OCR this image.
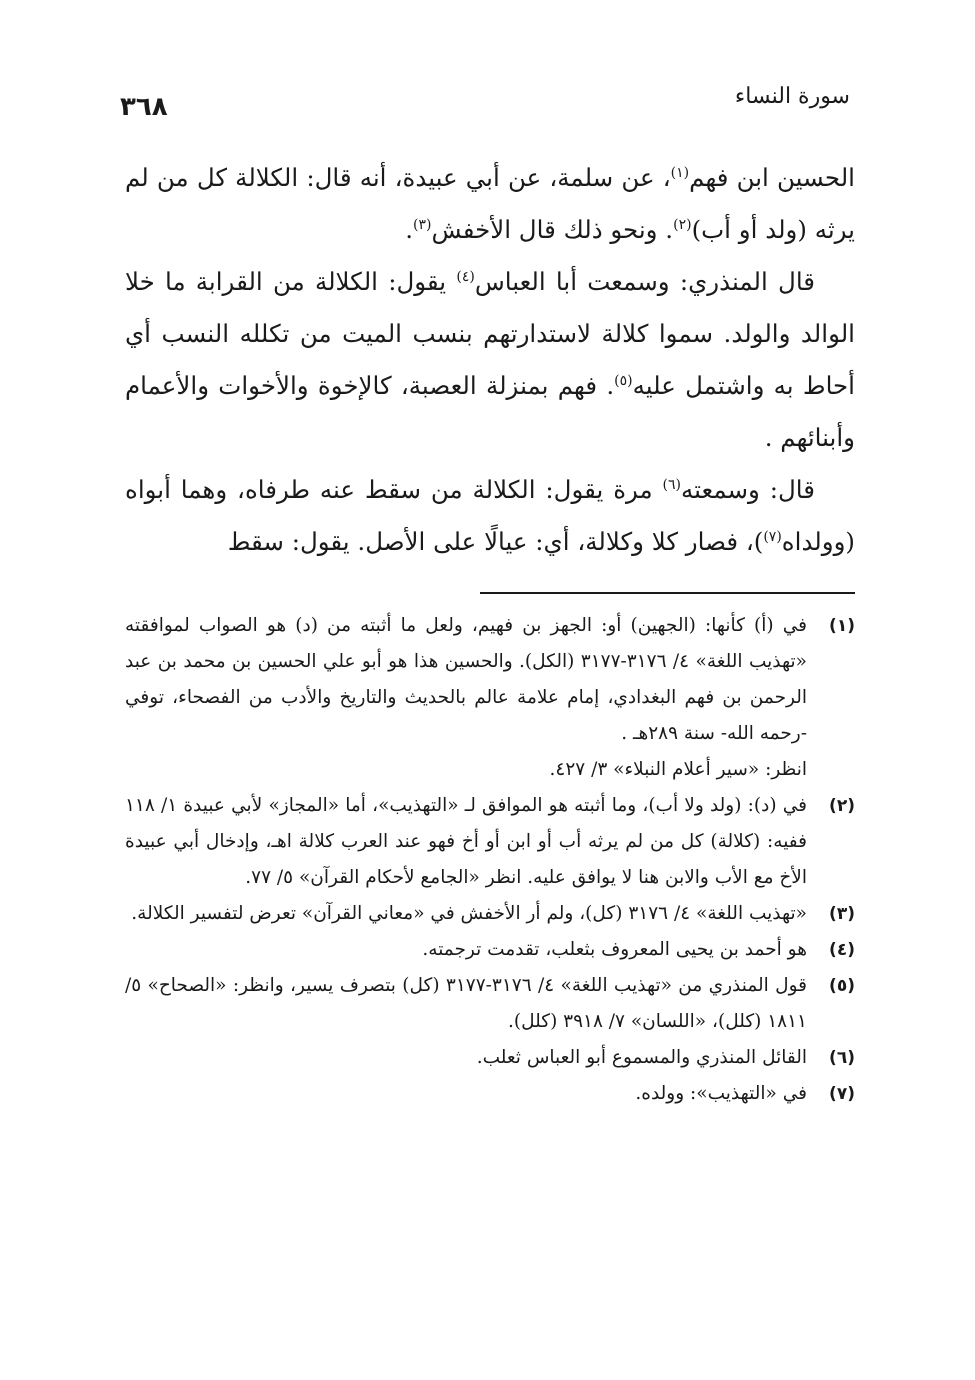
٣٦٨	سورة النساء

الحسين ابن فهم$^{(١)}$، عن سلمة، عن أبي عبيدة، أنه قال: الكلالة كل من لم يرثه (ولد أو أب)$^{(٢)}$. ونحو ذلك قال الأخفش$^{(٣)}$.

قال المنذري: وسمعت أبا العباس$^{(٤)}$ يقول: الكلالة من القرابة ما خلا الوالد والولد. سموا كلالة لاستدارتهم بنسب الميت من تكلله النسب أي أحاط به واشتمل عليه$^{(٥)}$. فهم بمنزلة العصبة، كالإخوة والأخوات والأعمام وأبنائهم .

قال: وسمعته$^{(٦)}$ مرة يقول: الكلالة من سقط عنه طرفاه، وهما أبواه (وولداه$^{(٧)}$)، فصار كلا وكلالة، أي: عيالًا على الأصل. يقول: سقط

(١)
في (أ) كأنها: (الجهين) أو: الجهز بن فهيم، ولعل ما أثبته من (د) هو الصواب لموافقته «تهذيب اللغة» ٤/ ٣١٧٦-٣١٧٧ (الكل). والحسين هذا هو أبو علي الحسين بن محمد بن عبد الرحمن بن فهم البغدادي، إمام علامة عالم بالحديث والتاريخ والأدب من الفصحاء، توفي -رحمه الله- سنة ٢٨٩هـ .
انظر: «سير أعلام النبلاء» ٣/ ٤٢٧.
(٢)
في (د): (ولد ولا أب)، وما أثبته هو الموافق لـ «التهذيب»، أما «المجاز» لأبي عبيدة ١/ ١١٨ ففيه: (كلالة) كل من لم يرثه أب أو ابن أو أخ فهو عند العرب كلالة اهـ، وإدخال أبي عبيدة الأخ مع الأب والابن هنا لا يوافق عليه. انظر «الجامع لأحكام القرآن» ٥/ ٧٧.
(٣)
«تهذيب اللغة» ٤/ ٣١٧٦ (كل)، ولم أر الأخفش في «معاني القرآن» تعرض لتفسير الكلالة.
(٤)
هو أحمد بن يحيى المعروف بثعلب، تقدمت ترجمته.
(٥)
قول المنذري من «تهذيب اللغة» ٤/ ٣١٧٦-٣١٧٧ (كل) بتصرف يسير، وانظر: «الصحاح» ٥/ ١٨١١ (كلل)، «اللسان» ٧/ ٣٩١٨ (كلل).
(٦)
القائل المنذري والمسموع أبو العباس ثعلب.
(٧)
في «التهذيب»: وولده.
